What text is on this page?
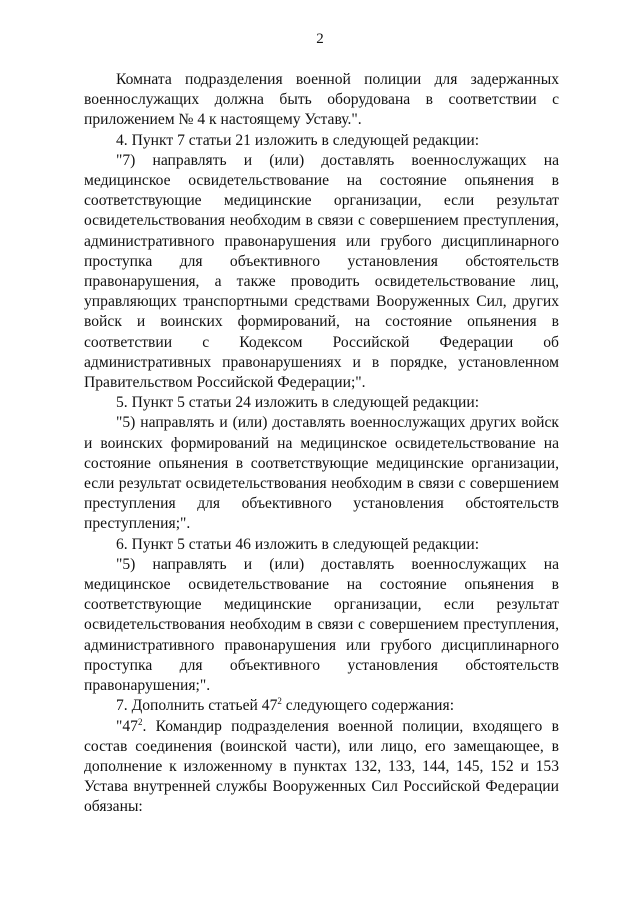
2

Комната подразделения военной полиции для задержанных военнослужащих должна быть оборудована в соответствии с приложением № 4 к настоящему Уставу.".

4. Пункт 7 статьи 21 изложить в следующей редакции:

"7) направлять и (или) доставлять военнослужащих на медицинское освидетельствование на состояние опьянения в соответствующие медицинские организации, если результат освидетельствования необходим в связи с совершением преступления, административного правонарушения или грубого дисциплинарного проступка для объективного установления обстоятельств правонарушения, а также проводить освидетельствование лиц, управляющих транспортными средствами Вооруженных Сил, других войск и воинских формирований, на состояние опьянения в соответствии с Кодексом Российской Федерации об административных правонарушениях и в порядке, установленном Правительством Российской Федерации;".

5. Пункт 5 статьи 24 изложить в следующей редакции:

"5) направлять и (или) доставлять военнослужащих других войск и воинских формирований на медицинское освидетельствование на состояние опьянения в соответствующие медицинские организации, если результат освидетельствования необходим в связи с совершением преступления для объективного установления обстоятельств преступления;".

6. Пункт 5 статьи 46 изложить в следующей редакции:

"5) направлять и (или) доставлять военнослужащих на медицинское освидетельствование на состояние опьянения в соответствующие медицинские организации, если результат освидетельствования необходим в связи с совершением преступления, административного правонарушения или грубого дисциплинарного проступка для объективного установления обстоятельств правонарушения;".

7. Дополнить статьей $47^2$ следующего содержания:

"$47^2$. Командир подразделения военной полиции, входящего в состав соединения (воинской части), или лицо, его замещающее, в дополнение к изложенному в пунктах 132, 133, 144, 145, 152 и 153 Устава внутренней службы Вооруженных Сил Российской Федерации обязаны:
